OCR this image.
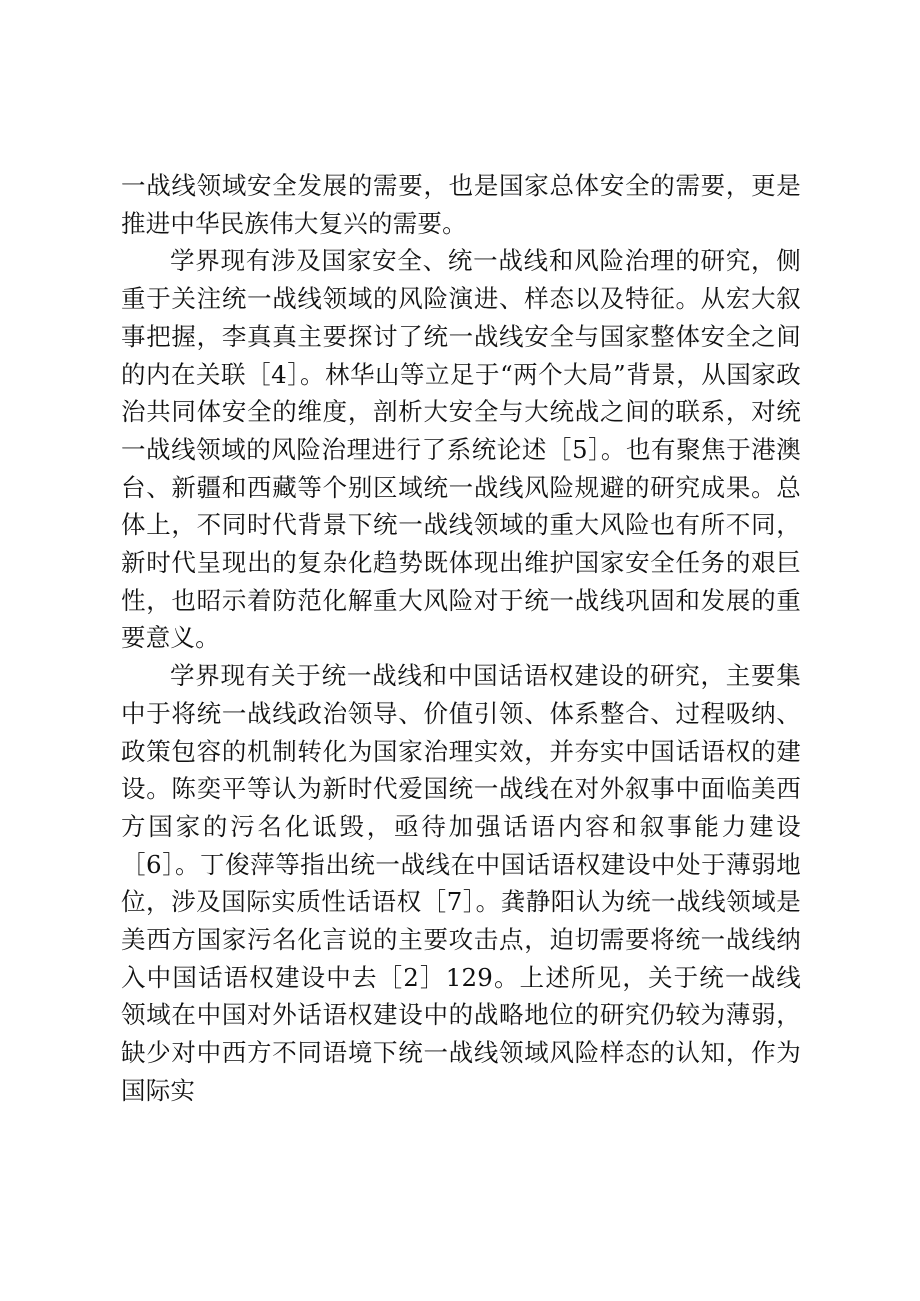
一战线领域安全发展的需要，也是国家总体安全的需要，更是推进中华民族伟大复兴的需要。

学界现有涉及国家安全、统一战线和风险治理的研究，侧重于关注统一战线领域的风险演进、样态以及特征。从宏大叙事把握，李真真主要探讨了统一战线安全与国家整体安全之间的内在关联［4］。林华山等立足于“两个大局”背景，从国家政治共同体安全的维度，剖析大安全与大统战之间的联系，对统一战线领域的风险治理进行了系统论述［5］。也有聚焦于港澳台、新疆和西藏等个别区域统一战线风险规避的研究成果。总体上，不同时代背景下统一战线领域的重大风险也有所不同，新时代呈现出的复杂化趋势既体现出维护国家安全任务的艰巨性，也昭示着防范化解重大风险对于统一战线巩固和发展的重要意义。

学界现有关于统一战线和中国话语权建设的研究，主要集中于将统一战线政治领导、价值引领、体系整合、过程吸纳、政策包容的机制转化为国家治理实效，并夯实中国话语权的建设。陈奕平等认为新时代爱国统一战线在对外叙事中面临美西方国家的污名化诋毁，亟待加强话语内容和叙事能力建设［6］。丁俊萍等指出统一战线在中国话语权建设中处于薄弱地位，涉及国际实质性话语权［7］。龚静阳认为统一战线领域是美西方国家污名化言说的主要攻击点，迫切需要将统一战线纳入中国话语权建设中去［2］129。上述所见，关于统一战线领域在中国对外话语权建设中的战略地位的研究仍较为薄弱，缺少对中西方不同语境下统一战线领域风险样态的认知，作为国际实
